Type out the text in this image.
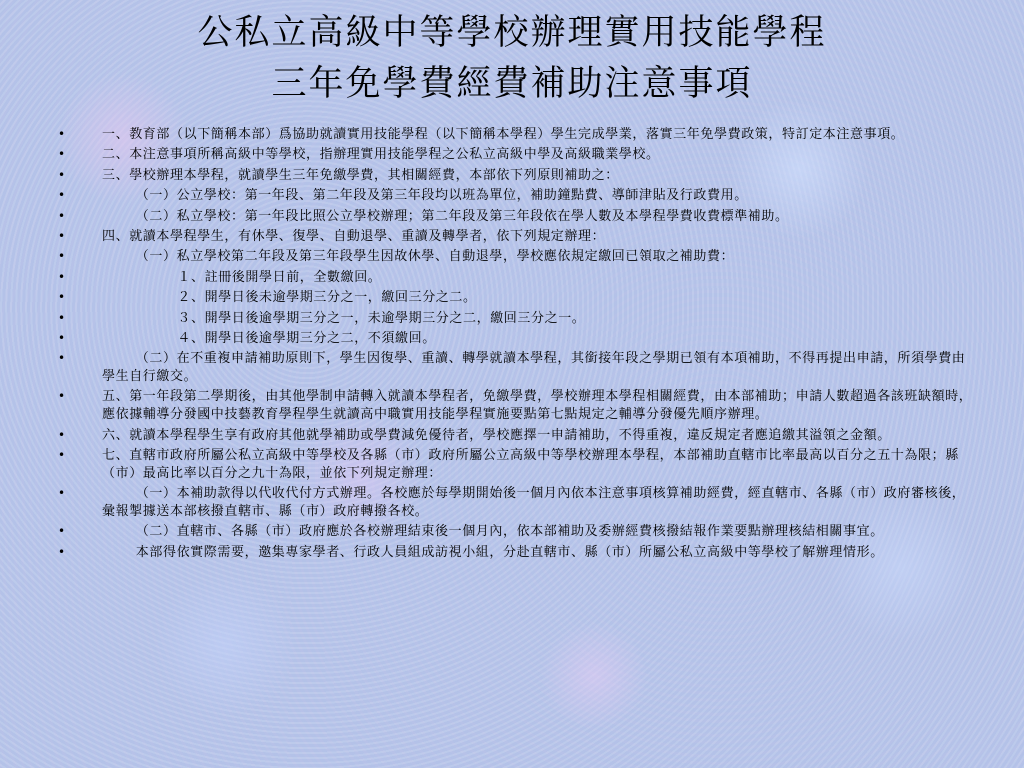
公私立高級中等學校辦理實用技能學程
三年免學費經費補助注意事項
•	一、教育部（以下簡稱本部）爲協助就讀實用技能學程（以下簡稱本學程）學生完成學業，落實三年免學費政策，特訂定本注意事項。
•	二、本注意事項所稱高級中等學校，指辦理實用技能學程之公私立高級中學及高級職業學校。
•	三、學校辦理本學程，就讀學生三年免繳學費，其相關經費，本部依下列原則補助之：
•	（一）公立學校：第一年段、第二年段及第三年段均以班為單位，補助鐘點費、導師津貼及行政費用。
•	（二）私立學校：第一年段比照公立學校辦理；第二年段及第三年段依在學人數及本學程學費收費標準補助。
•	四、就讀本學程學生，有休學、復學、自動退學、重讀及轉學者，依下列規定辦理：
•	（一）私立學校第二年段及第三年段學生因故休學、自動退學，學校應依規定繳回已領取之補助費：
•	１、註冊後開學日前，全數繳回。
•	２、開學日後未逾學期三分之一，繳回三分之二。
•	３、開學日後逾學期三分之一，未逾學期三分之二，繳回三分之一。
•	４、開學日後逾學期三分之二，不須繳回。
•	（二）在不重複申請補助原則下，學生因復學、重讀、轉學就讀本學程，其銜接年段之學期已領有本項補助，不得再提出申請，所須學費由學生自行繳交。
•	五、第一年段第二學期後，由其他學制申請轉入就讀本學程者，免繳學費，學校辦理本學程相關經費，由本部補助；申請人數超過各該班缺額時，應依據輔導分發國中技藝教育學程學生就讀高中職實用技能學程實施要點第七點規定之輔導分發優先順序辦理。
•	六、就讀本學程學生享有政府其他就學補助或學費減免優待者，學校應擇一申請補助，不得重複，違反規定者應追繳其溢領之金額。
•	七、直轄市政府所屬公私立高級中等學校及各縣（市）政府所屬公立高級中等學校辦理本學程，本部補助直轄市比率最高以百分之五十為限；縣（市）最高比率以百分之九十為限，並依下列規定辦理：
•	（一）本補助款得以代收代付方式辦理。各校應於每學期開始後一個月內依本注意事項核算補助經費，經直轄市、各縣（市）政府審核後，彙報掣據送本部核撥直轄市、縣（市）政府轉撥各校。
•	（二）直轄市、各縣（市）政府應於各校辦理結束後一個月內，依本部補助及委辦經費核撥結報作業要點辦理核結相關事宜。
•	本部得依實際需要，邀集專家學者、行政人員組成訪視小組，分赴直轄市、縣（市）所屬公私立高級中等學校了解辦理情形。
